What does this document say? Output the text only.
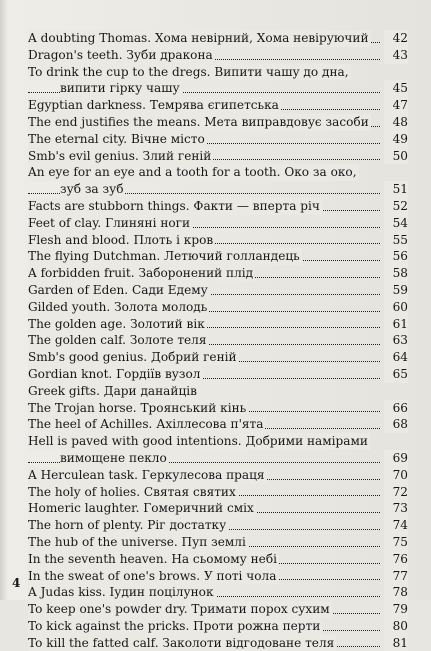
A doubting Thomas. Хома невірний, Хома невіруючий	42
Dragon's teeth. Зуби дракона	43
To drink the cup to the dregs. Випити чашу до дна,
випити гірку чашу	45
Egyptian darkness. Темрява єгипетська	47
The end justifies the means. Мета виправдовує засоби	48
The eternal city. Вічне місто	49
Smb's evil genius. Злий геній	50
An eye for an eye and a tooth for a tooth. Око за око,
зуб за зуб	51
Facts are stubborn things. Факти — вперта річ	52
Feet of clay. Глиняні ноги	54
Flesh and blood. Плоть і кров	55
The flying Dutchman. Летючий голландець	56
A forbidden fruit. Заборонений плід	58
Garden of Eden. Сади Едему	59
Gilded youth. Золота молодь	60
The golden age. Золотий вік	61
The golden calf. Золоте теля	63
Smb's good genius. Добрий геній	64
Gordian knot. Гордіїв вузол	65
Greek gifts. Дари данайців
The Trojan horse. Троянський кінь	66
The heel of Achilles. Ахіллесова п'ята	68
Hell is paved with good intentions. Добрими намірами
вимощене пекло	69
A Herculean task. Геркулесова праця	70
The holy of holies. Святая святих	72
Homeric laughter. Гомеричний сміх	73
The horn of plenty. Ріг достатку	74
The hub of the universe. Пуп землі	75
In the seventh heaven. На сьомому небі	76
In the sweat of one's brows. У поті чола	77
A Judas kiss. Іудин поцілунок	78
To keep one's powder dry. Тримати порох сухим	79
To kick against the pricks. Проти рожна перти	80
To kill the fatted calf. Заколоти відгодоване теля	81
4
